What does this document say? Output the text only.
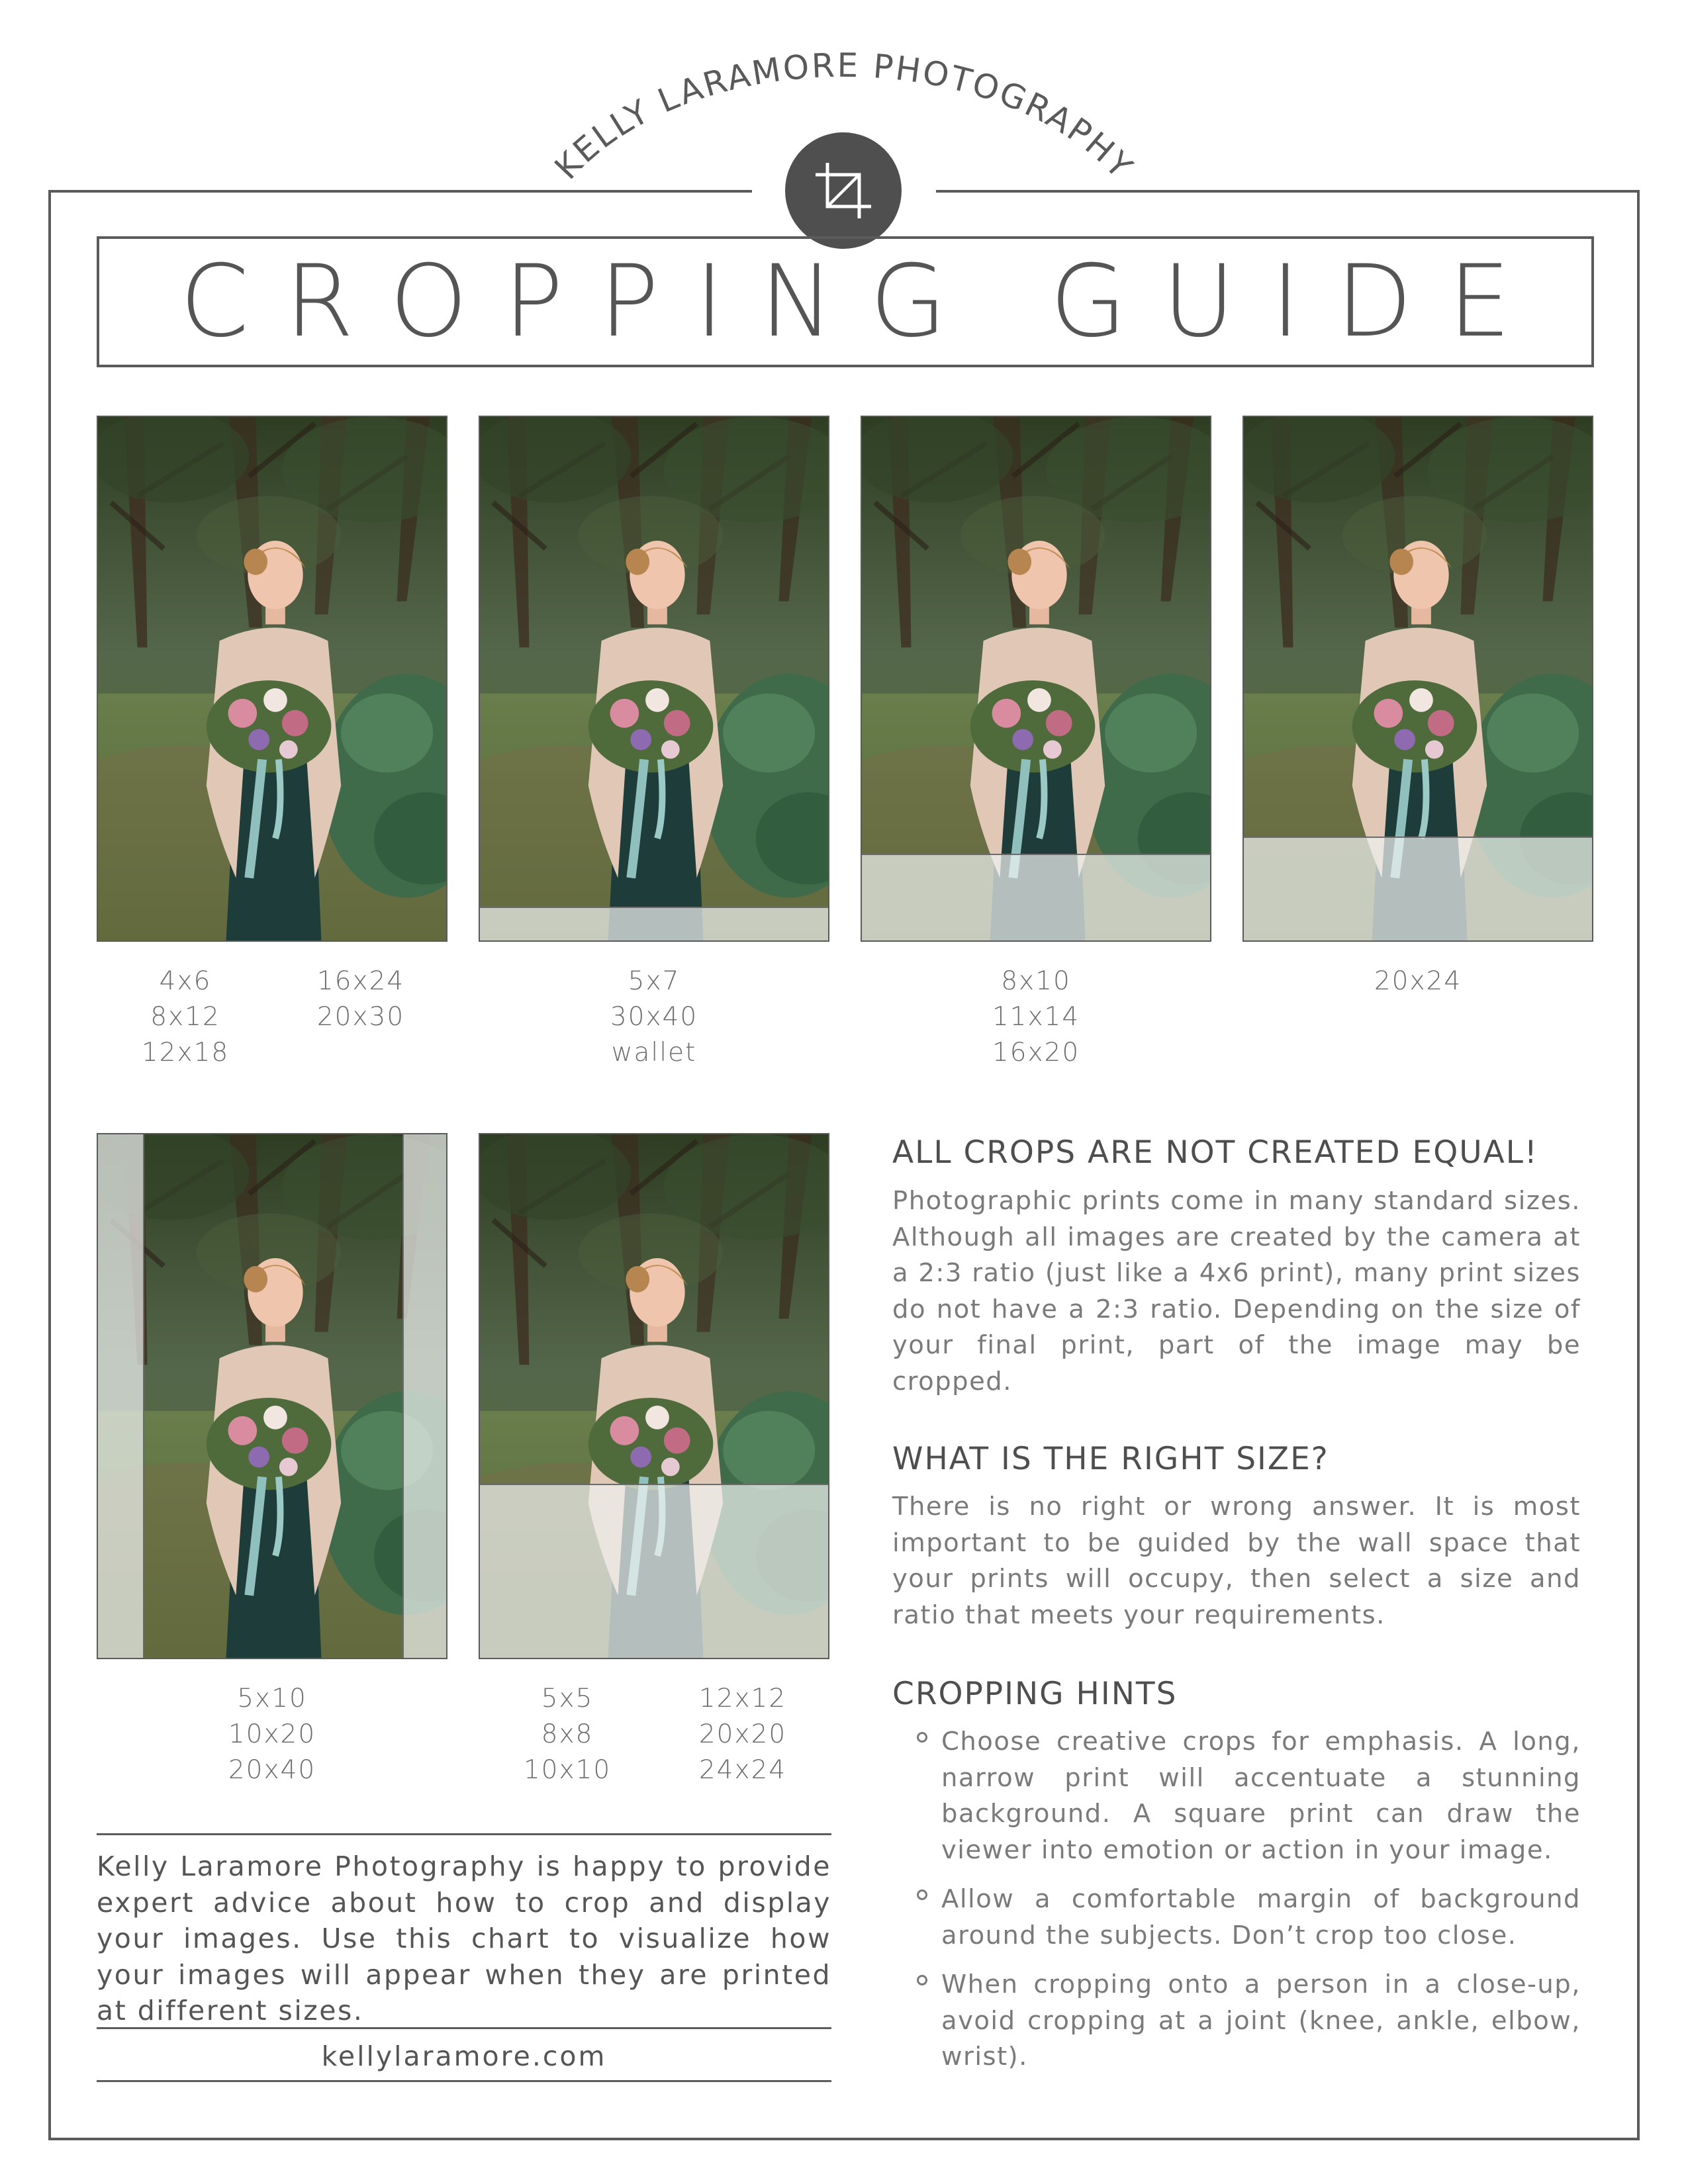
KELLY LARAMORE PHOTOGRAPHY
CROPPING GUIDE
4x6
8x12
12x18
16x24
20x30
5x7
30x40
wallet
8x10
11x14
16x20
20x24
5x10
10x20
20x40
5x5
8x8
10x10
12x12
20x20
24x24
ALL CROPS ARE NOT CREATED EQUAL!
Photographic prints come in many standard sizes. Although all images are created by the camera at a 2:3 ratio (just like a 4x6 print), many print sizes do not have a 2:3 ratio. Depending on the size of your final print, part of the image may be cropped.
WHAT IS THE RIGHT SIZE?
There is no right or wrong answer. It is most important to be guided by the wall space that your prints will occupy, then select a size and ratio that meets your requirements.
CROPPING HINTS
Choose creative crops for emphasis. A long, narrow print will accentuate a stunning background. A square print can draw the viewer into emotion or action in your image.
Allow a comfortable margin of background around the subjects. Don’t crop too close.
When cropping onto a person in a close-up, avoid cropping at a joint (knee, ankle, elbow, wrist).
Kelly Laramore Photography is happy to provide expert advice about how to crop and display your images. Use this chart to visualize how your images will appear when they are printed at different sizes.
kellylaramore.com
